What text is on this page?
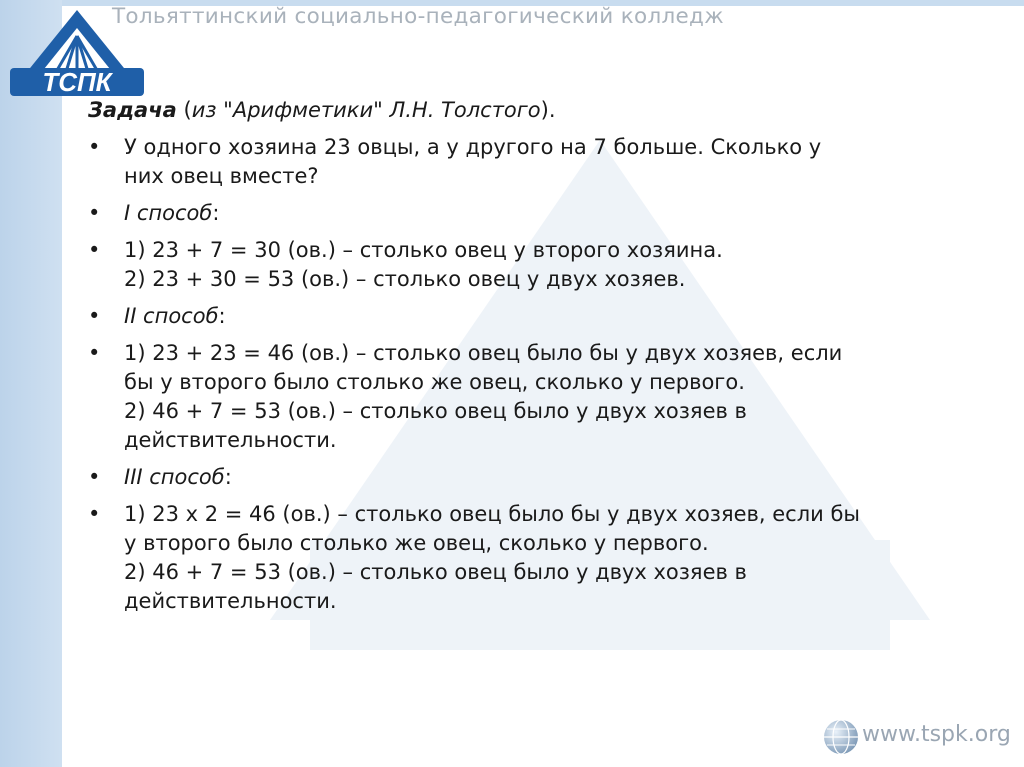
Тольяттинский социально-педагогический колледж
ТСПК

Задача (из "Арифметики" Л.Н. Толстого).

• У одного хозяина 23 овцы, а у другого на 7 больше. Сколько у
них овец вместе?
• I способ:
• 1) 23 + 7 = 30 (ов.) – столько овец у второго хозяина.
2) 23 + 30 = 53 (ов.) – столько овец у двух хозяев.
• II способ:
• 1) 23 + 23 = 46 (ов.) – столько овец было бы у двух хозяев, если
бы у второго было столько же овец, сколько у первого.
2) 46 + 7 = 53 (ов.) – столько овец было у двух хозяев в
действительности.
• III способ:
• 1) 23 х 2 = 46 (ов.) – столько овец было бы у двух хозяев, если бы
у второго было столько же овец, сколько у первого.
2) 46 + 7 = 53 (ов.) – столько овец было у двух хозяев в
действительности.
www.tspk.org
